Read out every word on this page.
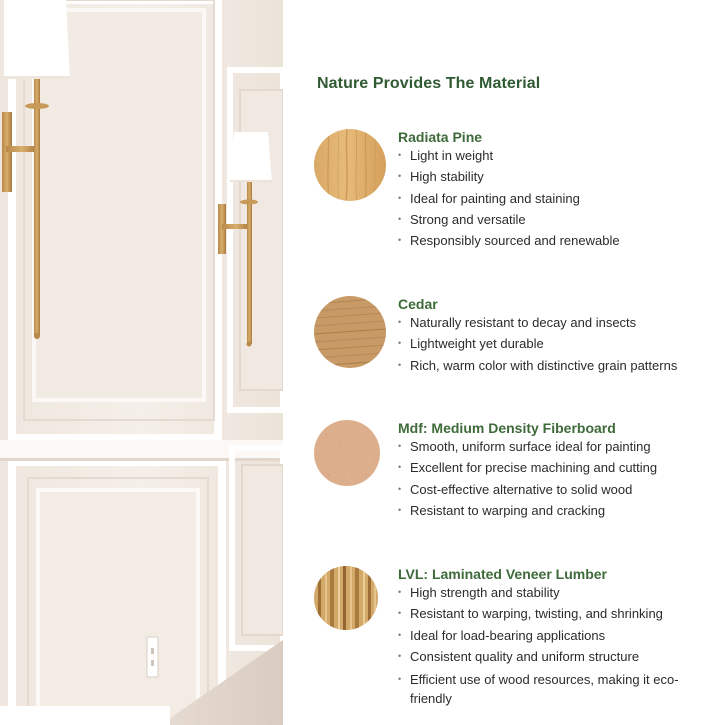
Nature Provides The Material
Radiata Pine
• Light in weight
• High stability
• Ideal for painting and staining
• Strong and versatile
• Responsibly sourced and renewable
Cedar
• Naturally resistant to decay and insects
• Lightweight yet durable
• Rich, warm color with distinctive grain patterns
Mdf: Medium Density Fiberboard
• Smooth, uniform surface ideal for painting
• Excellent for precise machining and cutting
• Cost-effective alternative to solid wood
• Resistant to warping and cracking
LVL: Laminated Veneer Lumber
• High strength and stability
• Resistant to warping, twisting, and shrinking
• Ideal for load-bearing applications
• Consistent quality and uniform structure
• Efficient use of wood resources, making it eco-friendly
